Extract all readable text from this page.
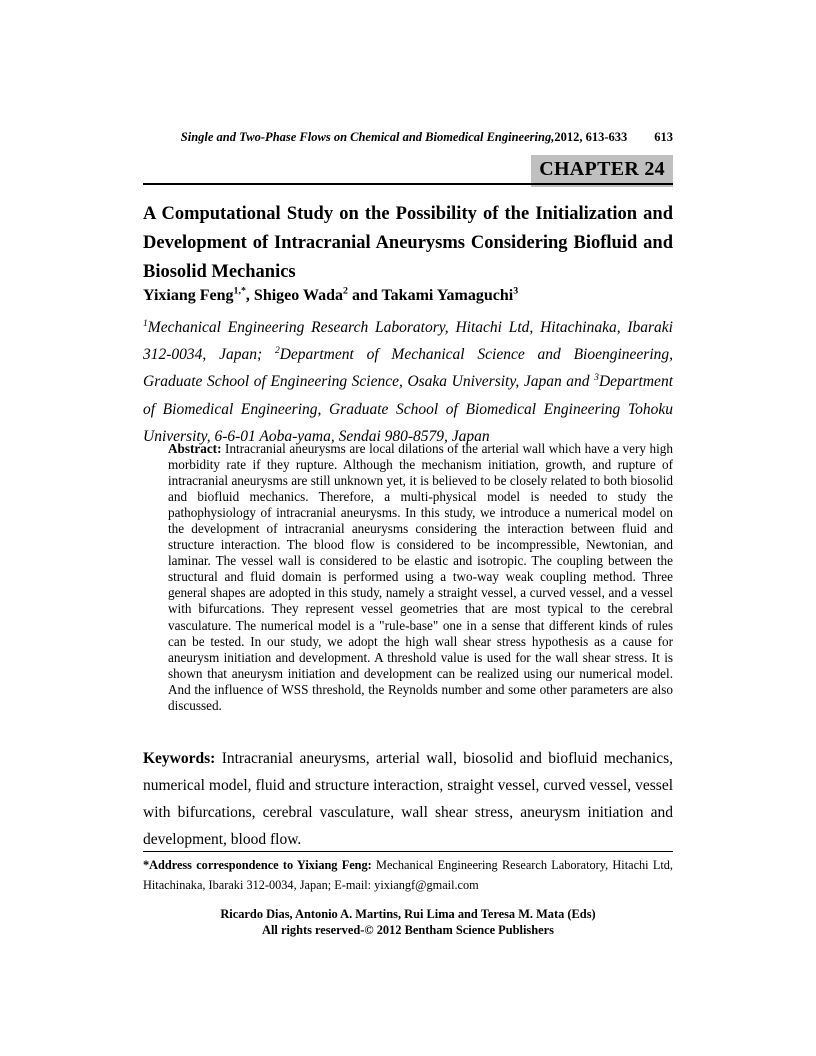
Single and Two-Phase Flows on Chemical and Biomedical Engineering, 2012, 613-633 613
CHAPTER 24
A Computational Study on the Possibility of the Initialization and Development of Intracranial Aneurysms Considering Biofluid and Biosolid Mechanics

Yixiang Feng$^{1,*}$, Shigeo Wada$^2$ and Takami Yamaguchi$^3$

$^1$Mechanical Engineering Research Laboratory, Hitachi Ltd, Hitachinaka, Ibaraki 312-0034, Japan; $^2$Department of Mechanical Science and Bioengineering, Graduate School of Engineering Science, Osaka University, Japan and $^3$Department of Biomedical Engineering, Graduate School of Biomedical Engineering Tohoku University, 6-6-01 Aoba-yama, Sendai 980-8579, Japan

Abstract: Intracranial aneurysms are local dilations of the arterial wall which have a very high morbidity rate if they rupture. Although the mechanism initiation, growth, and rupture of intracranial aneurysms are still unknown yet, it is believed to be closely related to both biosolid and biofluid mechanics. Therefore, a multi-physical model is needed to study the pathophysiology of intracranial aneurysms. In this study, we introduce a numerical model on the development of intracranial aneurysms considering the interaction between fluid and structure interaction. The blood flow is considered to be incompressible, Newtonian, and laminar. The vessel wall is considered to be elastic and isotropic. The coupling between the structural and fluid domain is performed using a two-way weak coupling method. Three general shapes are adopted in this study, namely a straight vessel, a curved vessel, and a vessel with bifurcations. They represent vessel geometries that are most typical to the cerebral vasculature. The numerical model is a "rule-base" one in a sense that different kinds of rules can be tested. In our study, we adopt the high wall shear stress hypothesis as a cause for aneurysm initiation and development. A threshold value is used for the wall shear stress. It is shown that aneurysm initiation and development can be realized using our numerical model. And the influence of WSS threshold, the Reynolds number and some other parameters are also discussed.

Keywords: Intracranial aneurysms, arterial wall, biosolid and biofluid mechanics, numerical model, fluid and structure interaction, straight vessel, curved vessel, vessel with bifurcations, cerebral vasculature, wall shear stress, aneurysm initiation and development, blood flow.

*Address correspondence to Yixiang Feng: Mechanical Engineering Research Laboratory, Hitachi Ltd, Hitachinaka, Ibaraki 312-0034, Japan; E-mail: yixiangf@gmail.com

Ricardo Dias, Antonio A. Martins, Rui Lima and Teresa M. Mata (Eds)
All rights reserved-© 2012 Bentham Science Publishers
